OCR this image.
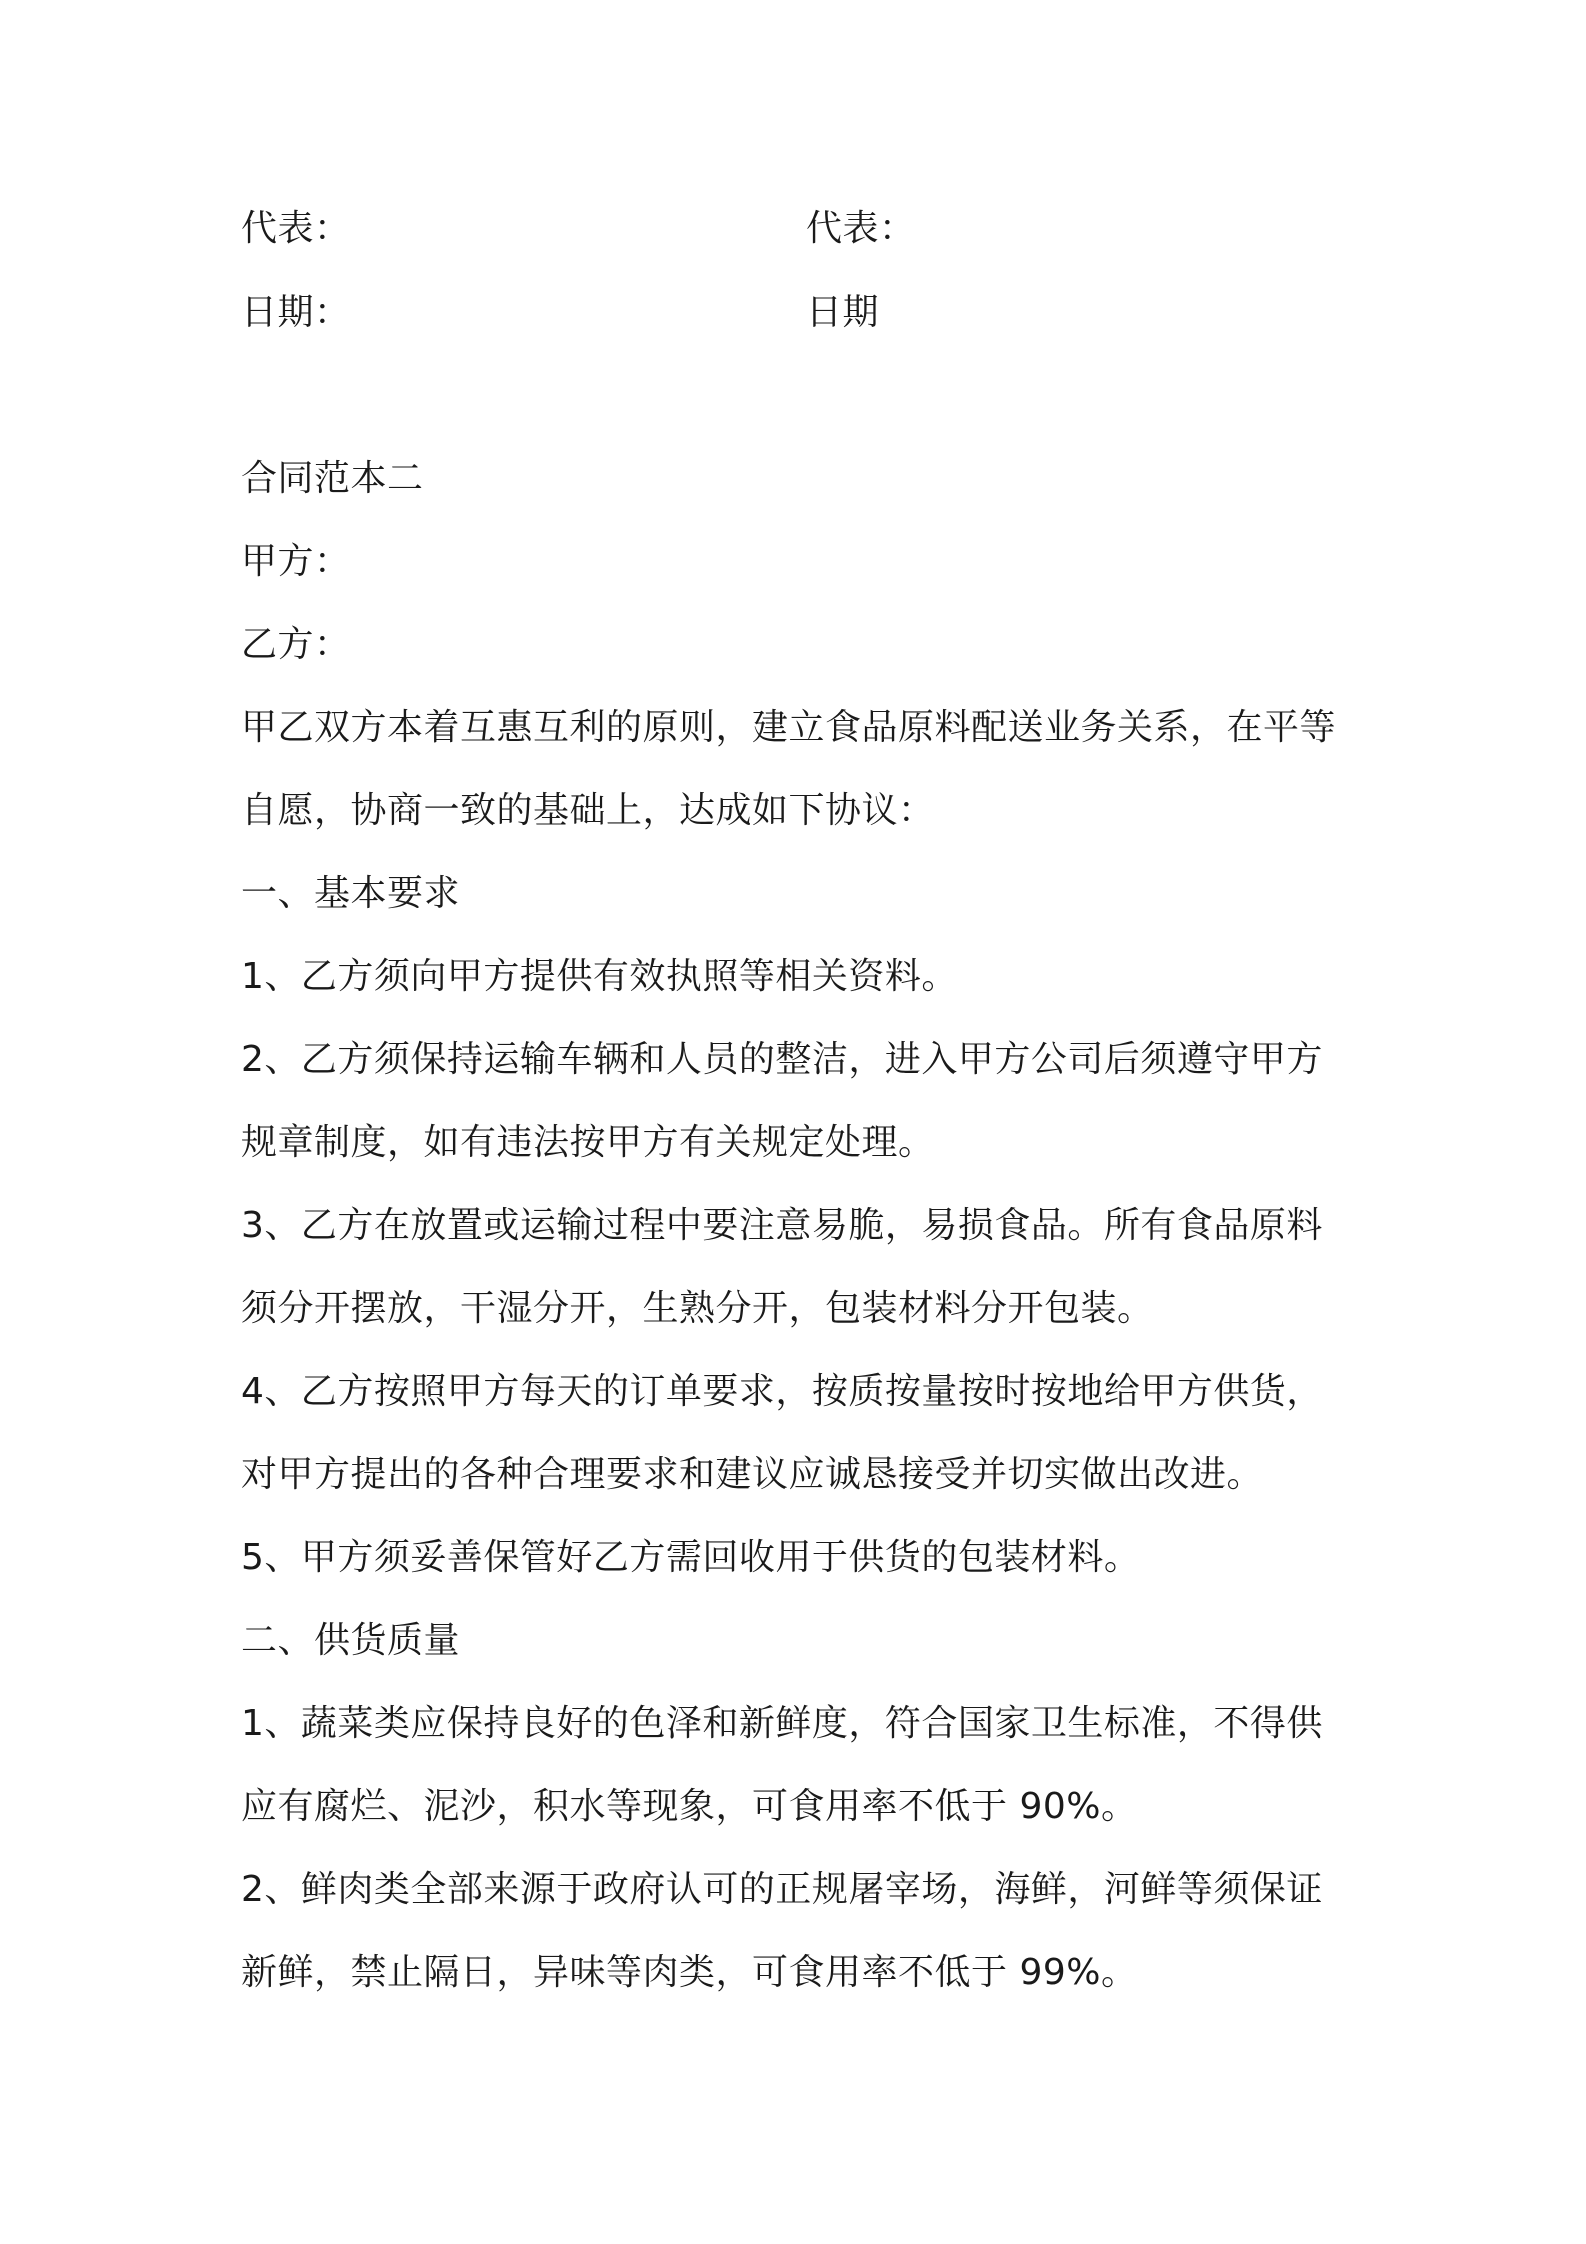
代表：	代表：
日期：	日期
合同范本二
甲方：
乙方：
甲乙双方本着互惠互利的原则，建立食品原料配送业务关系，在平等
自愿，协商一致的基础上，达成如下协议：
一、基本要求
1、乙方须向甲方提供有效执照等相关资料。
2、乙方须保持运输车辆和人员的整洁，进入甲方公司后须遵守甲方
规章制度，如有违法按甲方有关规定处理。
3、乙方在放置或运输过程中要注意易脆，易损食品。所有食品原料
须分开摆放，干湿分开，生熟分开，包装材料分开包装。
4、乙方按照甲方每天的订单要求，按质按量按时按地给甲方供货，
对甲方提出的各种合理要求和建议应诚恳接受并切实做出改进。
5、甲方须妥善保管好乙方需回收用于供货的包装材料。
二、供货质量
1、蔬菜类应保持良好的色泽和新鲜度，符合国家卫生标准，不得供
应有腐烂、泥沙，积水等现象，可食用率不低于 90%。
2、鲜肉类全部来源于政府认可的正规屠宰场，海鲜，河鲜等须保证
新鲜，禁止隔日，异味等肉类，可食用率不低于 99%。
